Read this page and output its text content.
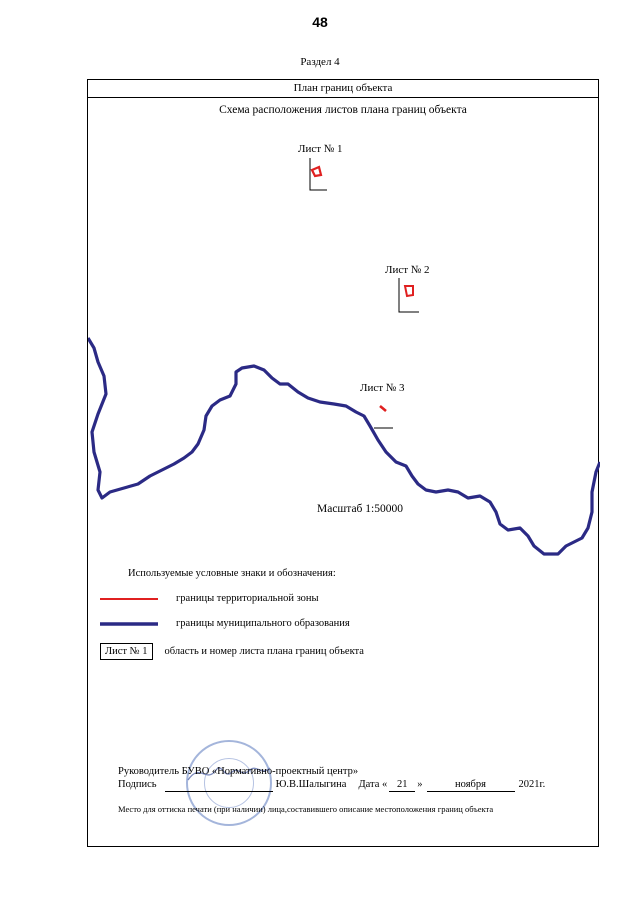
48
Раздел 4
План границ объекта
Схема расположения листов плана границ объекта
Лист № 1
Лист № 2
Лист № 3
Масштаб 1:50000
Используемые условные знаки и обозначения:
границы территориальной зоны
границы муниципального образования
Лист № 1	область и номер листа плана границ объекта
Руководитель БУВО «Нормативно-проектный центр»
Подпись
	Ю.В.Шалыгина Дата « 21 »	ноября	2021г.
Место для оттиска печати (при наличии) лица,составившего описание местоположения границ объекта
